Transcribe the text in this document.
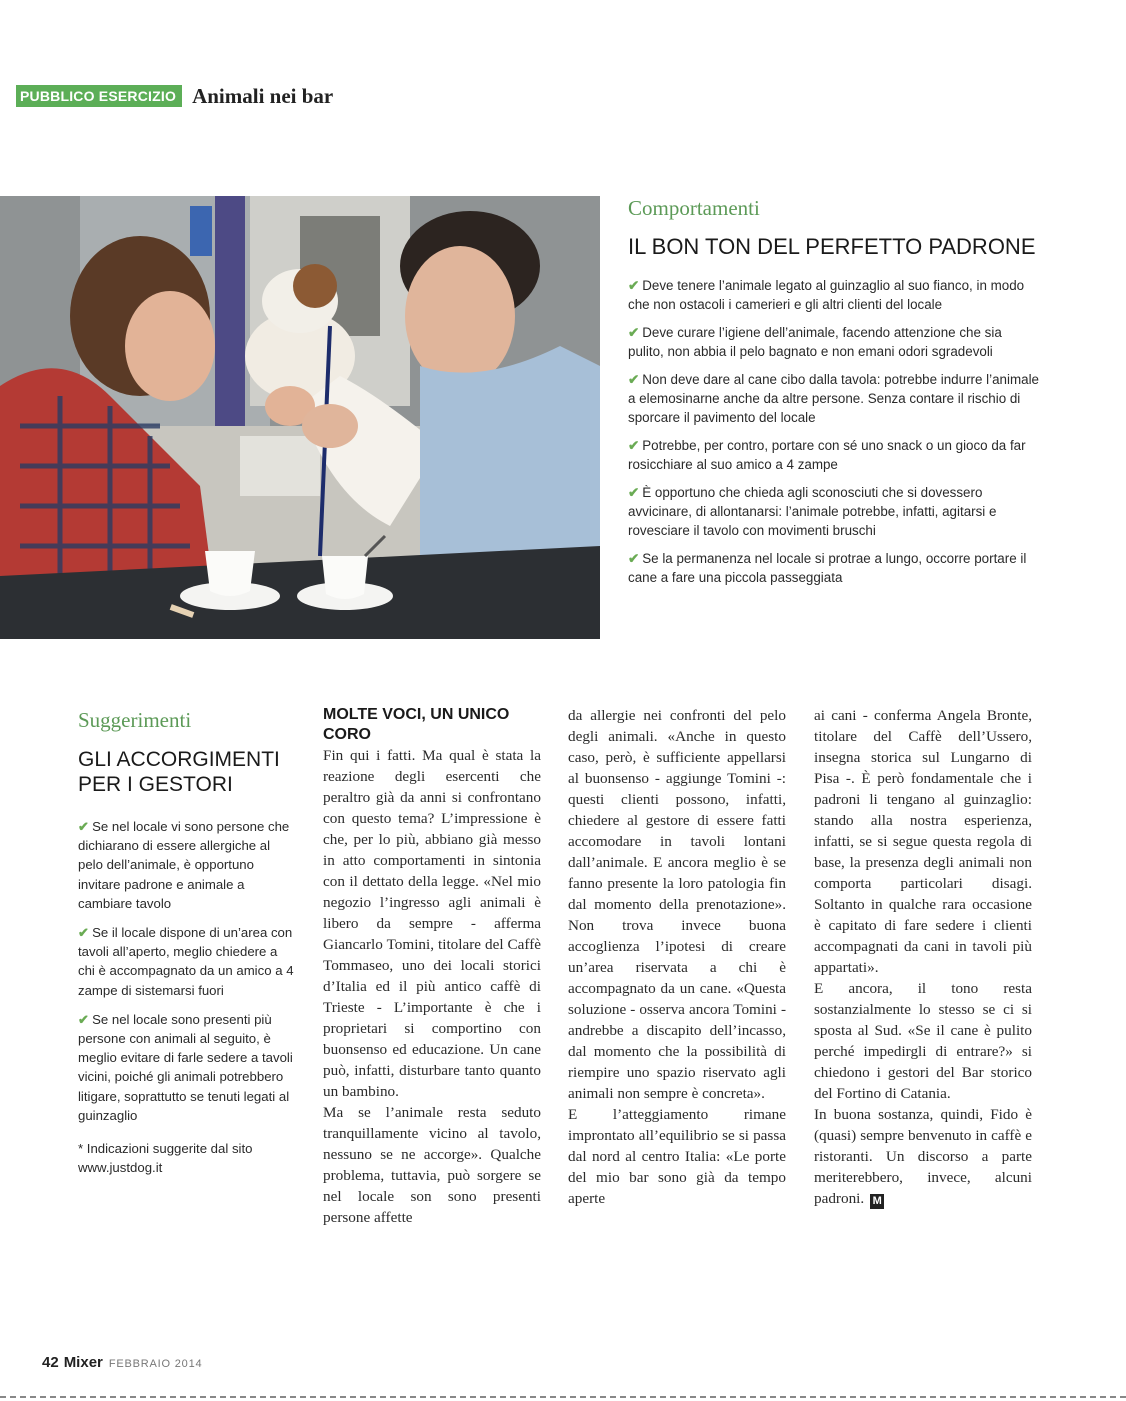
PUBBLICO ESERCIZIO Animali nei bar
Comportamenti
IL BON TON DEL PERFETTO PADRONE
✔ Deve tenere l’animale legato al guinzaglio al suo fianco, in modo che non ostacoli i camerieri e gli altri clienti del locale
✔ Deve curare l’igiene dell’animale, facendo attenzione che sia pulito, non abbia il pelo bagnato e non emani odori sgradevoli
✔ Non deve dare al cane cibo dalla tavola: potrebbe indurre l’animale a elemosinarne anche da altre persone. Senza contare il rischio di sporcare il pavimento del locale
✔ Potrebbe, per contro, portare con sé uno snack o un gioco da far rosicchiare al suo amico a 4 zampe
✔ È opportuno che chieda agli sconosciuti che si dovessero avvicinare, di allontanarsi: l’animale potrebbe, infatti, agitarsi e rovesciare il tavolo con movimenti bruschi
✔ Se la permanenza nel locale si protrae a lungo, occorre portare il cane a fare una piccola passeggiata
Suggerimenti
GLI ACCORGIMENTI PER I GESTORI
✔ Se nel locale vi sono persone che dichiarano di essere allergiche al pelo dell’animale, è opportuno invitare padrone e animale a cambiare tavolo
✔ Se il locale dispone di un’area con tavoli all’aperto, meglio chiedere a chi è accompagnato da un amico a 4 zampe di sistemarsi fuori
✔ Se nel locale sono presenti più persone con animali al seguito, è meglio evitare di farle sedere a tavoli vicini, poiché gli animali potrebbero litigare, soprattutto se tenuti legati al guinzaglio
* Indicazioni suggerite dal sito www.justdog.it
MOLTE VOCI, UN UNICO CORO

Fin qui i fatti. Ma qual è stata la reazione degli esercenti che peraltro già da anni si confrontano con questo tema? L’impressione è che, per lo più, abbiano già messo in atto comportamenti in sintonia con il dettato della legge. «Nel mio negozio l’ingresso agli animali è libero da sempre - afferma Giancarlo Tomini, titolare del Caffè Tommaseo, uno dei locali storici d’Italia ed il più antico caffè di Trieste - L’importante è che i proprietari si comportino con buonsenso ed educazione. Un cane può, infatti, disturbare tanto quanto un bambino.

Ma se l’animale resta seduto tranquillamente vicino al tavolo, nessuno se ne accorge». Qualche problema, tuttavia, può sorgere se nel locale son sono presenti persone affette

da allergie nei confronti del pelo degli animali. «Anche in questo caso, però, è sufficiente appellarsi al buonsenso - aggiunge Tomini -: questi clienti possono, infatti, chiedere al gestore di essere fatti accomodare in tavoli lontani dall’animale. E ancora meglio è se fanno presente la loro patologia fin dal momento della prenotazione». Non trova invece buona accoglienza l’ipotesi di creare un’area riservata a chi è accompagnato da un cane. «Questa soluzione - osserva ancora Tomini - andrebbe a discapito dell’incasso, dal momento che la possibilità di riempire uno spazio riservato agli animali non sempre è concreta».

E l’atteggiamento rimane improntato all’equilibrio se si passa dal nord al centro Italia: «Le porte del mio bar sono già da tempo aperte

ai cani - conferma Angela Bronte, titolare del Caffè dell’Ussero, insegna storica sul Lungarno di Pisa -. È però fondamentale che i padroni li tengano al guinzaglio: stando alla nostra esperienza, infatti, se si segue questa regola di base, la presenza degli animali non comporta particolari disagi. Soltanto in qualche rara occasione è capitato di fare sedere i clienti accompagnati da cani in tavoli più appartati».

E ancora, il tono resta sostanzialmente lo stesso se ci si sposta al Sud. «Se il cane è pulito perché impedirgli di entrare?» si chiedono i gestori del Bar storico del Fortino di Catania.

In buona sostanza, quindi, Fido è (quasi) sempre benvenuto in caffè e ristoranti. Un discorso a parte meriterebbero, invece, alcuni padroni. M

42 Mixer FEBBRAIO 2014
